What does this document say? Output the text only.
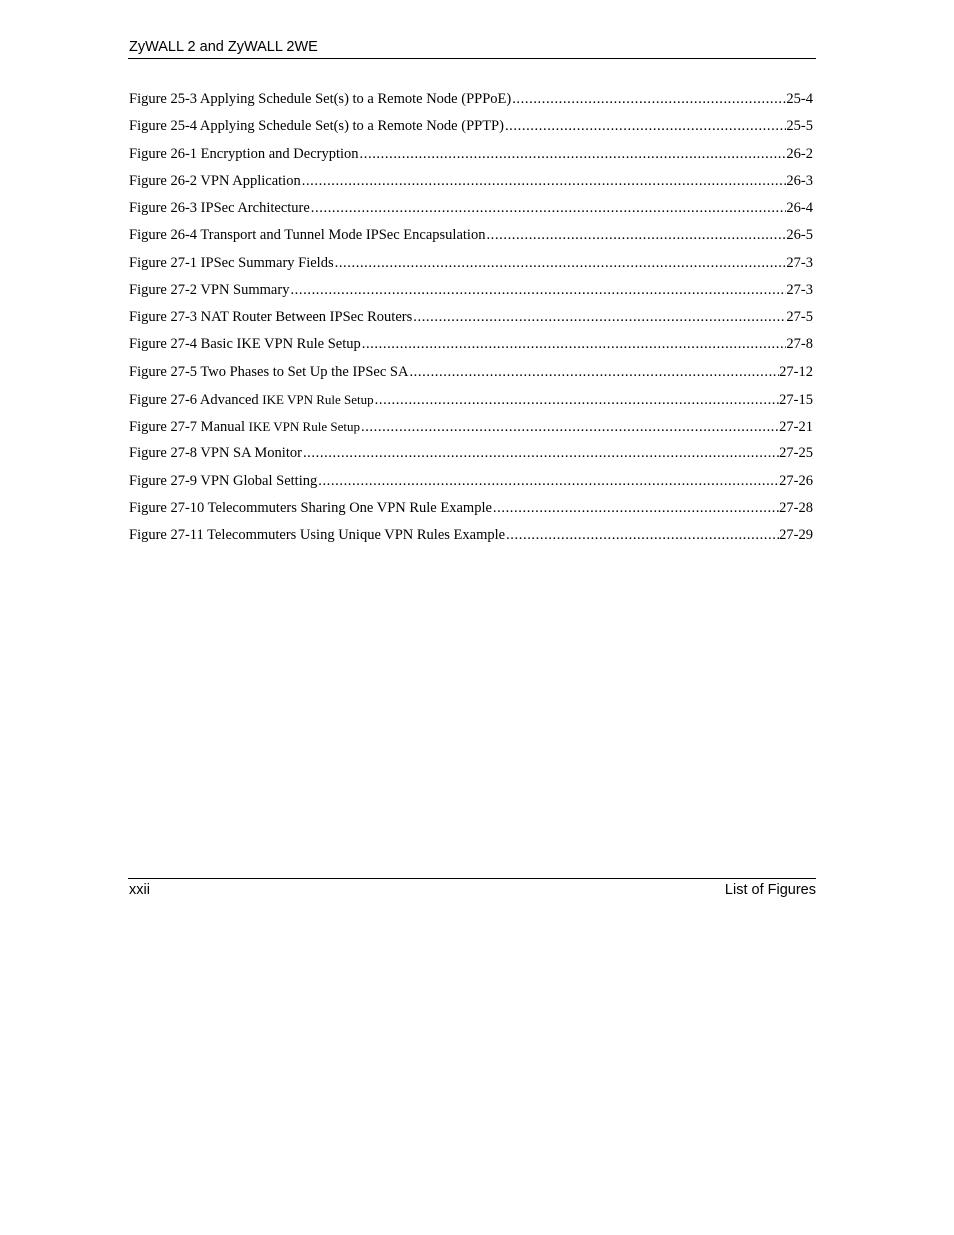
ZyWALL 2 and ZyWALL 2WE
Figure 25-3 Applying Schedule Set(s) to a Remote Node (PPPoE) .....	25-4
Figure 25-4 Applying Schedule Set(s) to a Remote Node (PPTP) .....	25-5
Figure 26-1 Encryption and Decryption .....	26-2
Figure 26-2 VPN Application .....	26-3
Figure 26-3 IPSec Architecture .....	26-4
Figure 26-4 Transport and Tunnel Mode IPSec Encapsulation .....	26-5
Figure 27-1 IPSec Summary Fields .....	27-3
Figure 27-2 VPN Summary .....	27-3
Figure 27-3 NAT Router Between IPSec Routers .....	27-5
Figure 27-4 Basic IKE VPN Rule Setup .....	27-8
Figure 27-5 Two Phases to Set Up the IPSec SA .....	27-12
Figure 27-6 Advanced IKE VPN Rule Setup .....	27-15
Figure 27-7 Manual IKE VPN Rule Setup .....	27-21
Figure 27-8 VPN SA Monitor .....	27-25
Figure 27-9 VPN Global Setting .....	27-26
Figure 27-10 Telecommuters Sharing One VPN Rule Example .....	27-28
Figure 27-11 Telecommuters Using Unique VPN Rules Example .....	27-29
xxii	List of Figures
